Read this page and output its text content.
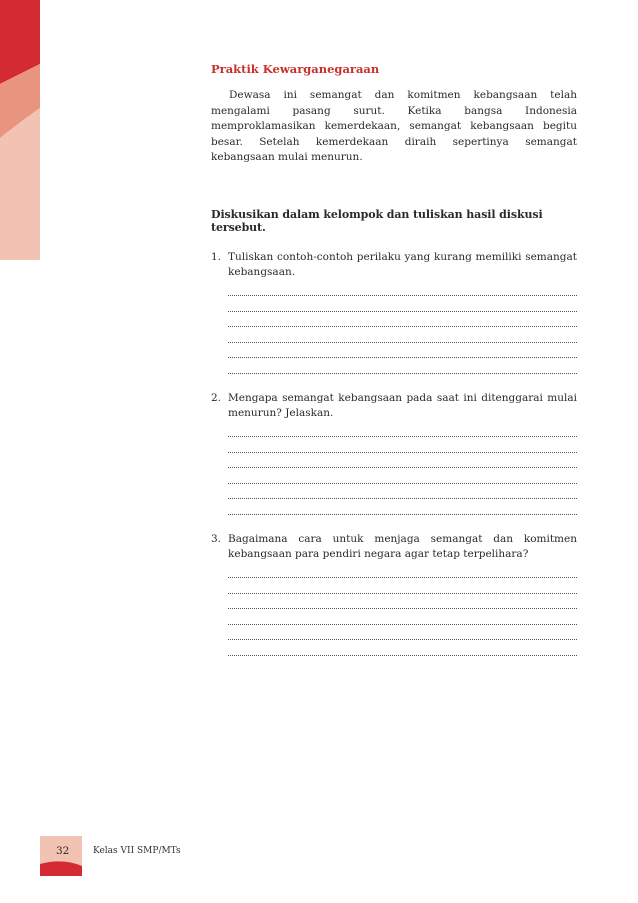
Praktik Kewarganegaraan

Dewasa ini semangat dan komitmen kebangsaan telah mengalami pasang surut. Ketika bangsa Indonesia memproklamasikan kemerdekaan, semangat kebangsaan begitu besar. Setelah kemerdekaan diraih sepertinya semangat kebangsaan mulai menurun.

Diskusikan dalam kelompok dan tuliskan hasil diskusi tersebut.
1. Tuliskan contoh-contoh perilaku yang kurang memiliki semangat kebangsaan.
2. Mengapa semangat kebangsaan pada saat ini ditenggarai mulai menurun? Jelaskan.
3. Bagaimana cara untuk menjaga semangat dan komitmen kebangsaan para pendiri negara agar tetap terpelihara?
32	Kelas VII SMP/MTs
